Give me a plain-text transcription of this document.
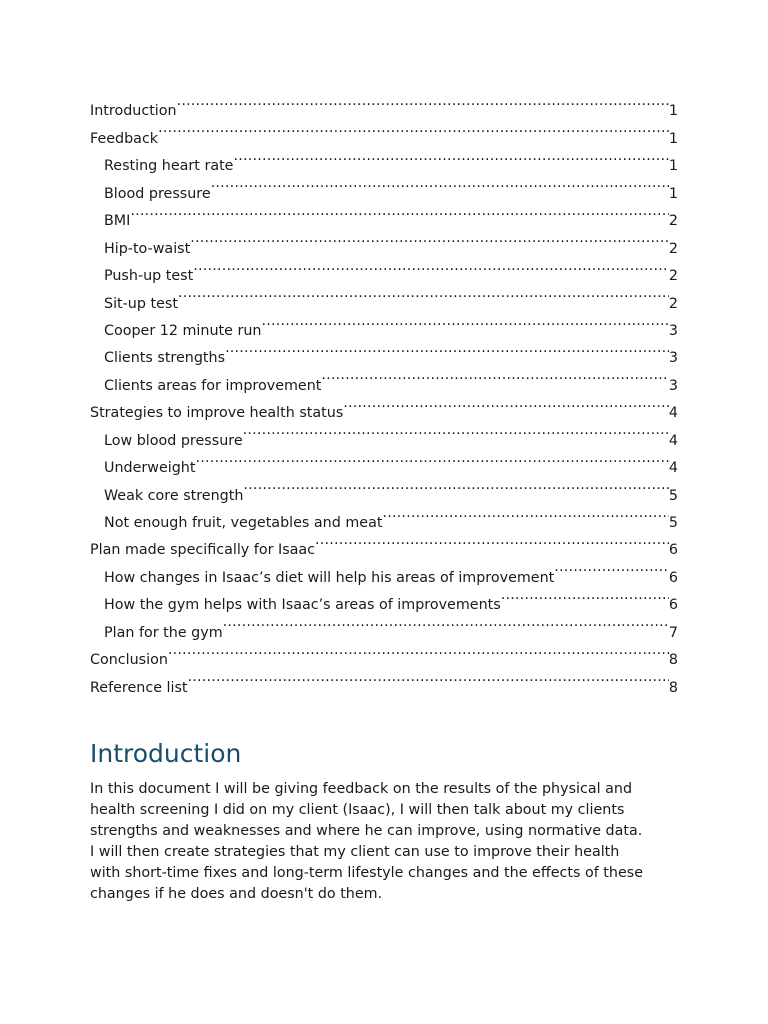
Introduction .....	1
Feedback .....	1
Resting heart rate .....	1
Blood pressure .....	1
BMI .....	2
Hip-to-waist .....	2
Push-up test .....	2
Sit-up test .....	2
Cooper 12 minute run .....	3
Clients strengths .....	3
Clients areas for improvement .....	3
Strategies to improve health status .....	4
Low blood pressure .....	4
Underweight .....	4
Weak core strength .....	5
Not enough fruit, vegetables and meat .....	5
Plan made specifically for Isaac .....	6
How changes in Isaac’s diet will help his areas of improvement .....	6
How the gym helps with Isaac’s areas of improvements .....	6
Plan for the gym .....	7
Conclusion .....	8
Reference list .....	8
Introduction

In this document I will be giving feedback on the results of the physical and
health screening I did on my client (Isaac), I will then talk about my clients
strengths and weaknesses and where he can improve, using normative data.
I will then create strategies that my client can use to improve their health
with short-time fixes and long-term lifestyle changes and the effects of these
changes if he does and doesn't do them.
